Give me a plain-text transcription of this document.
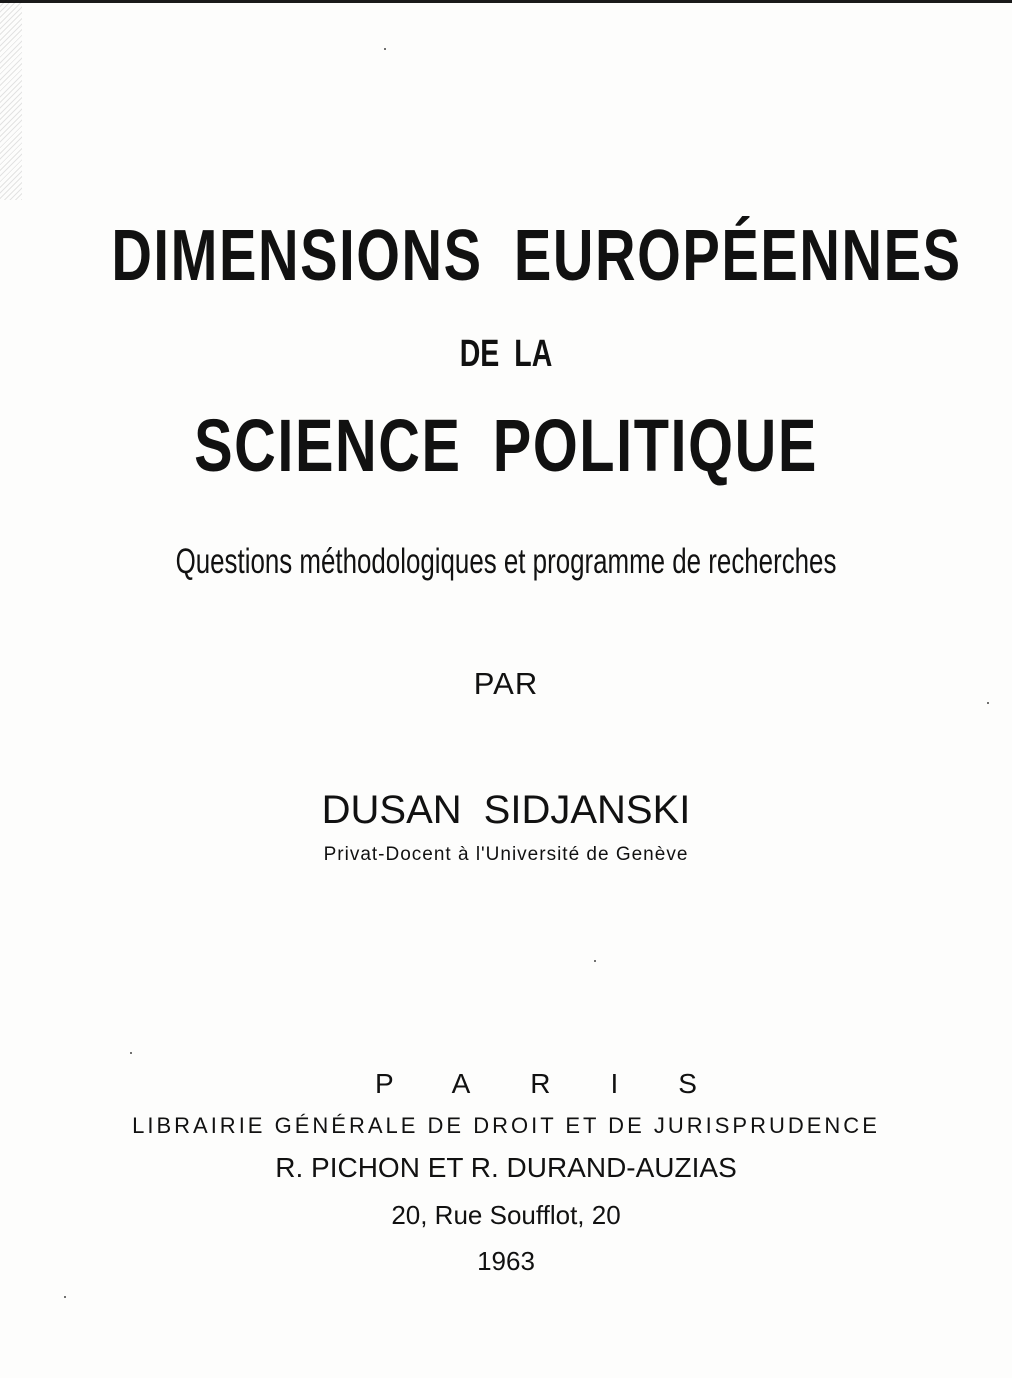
DIMENSIONS EUROPÉENNES
DE LA
SCIENCE POLITIQUE
Questions méthodologiques et programme de recherches
PAR
DUSAN SIDJANSKI
Privat-Docent à l'Université de Genève
PARIS
LIBRAIRIE GÉNÉRALE DE DROIT ET DE JURISPRUDENCE
R. PICHON ET R. DURAND-AUZIAS
20, Rue Soufflot, 20
1963
